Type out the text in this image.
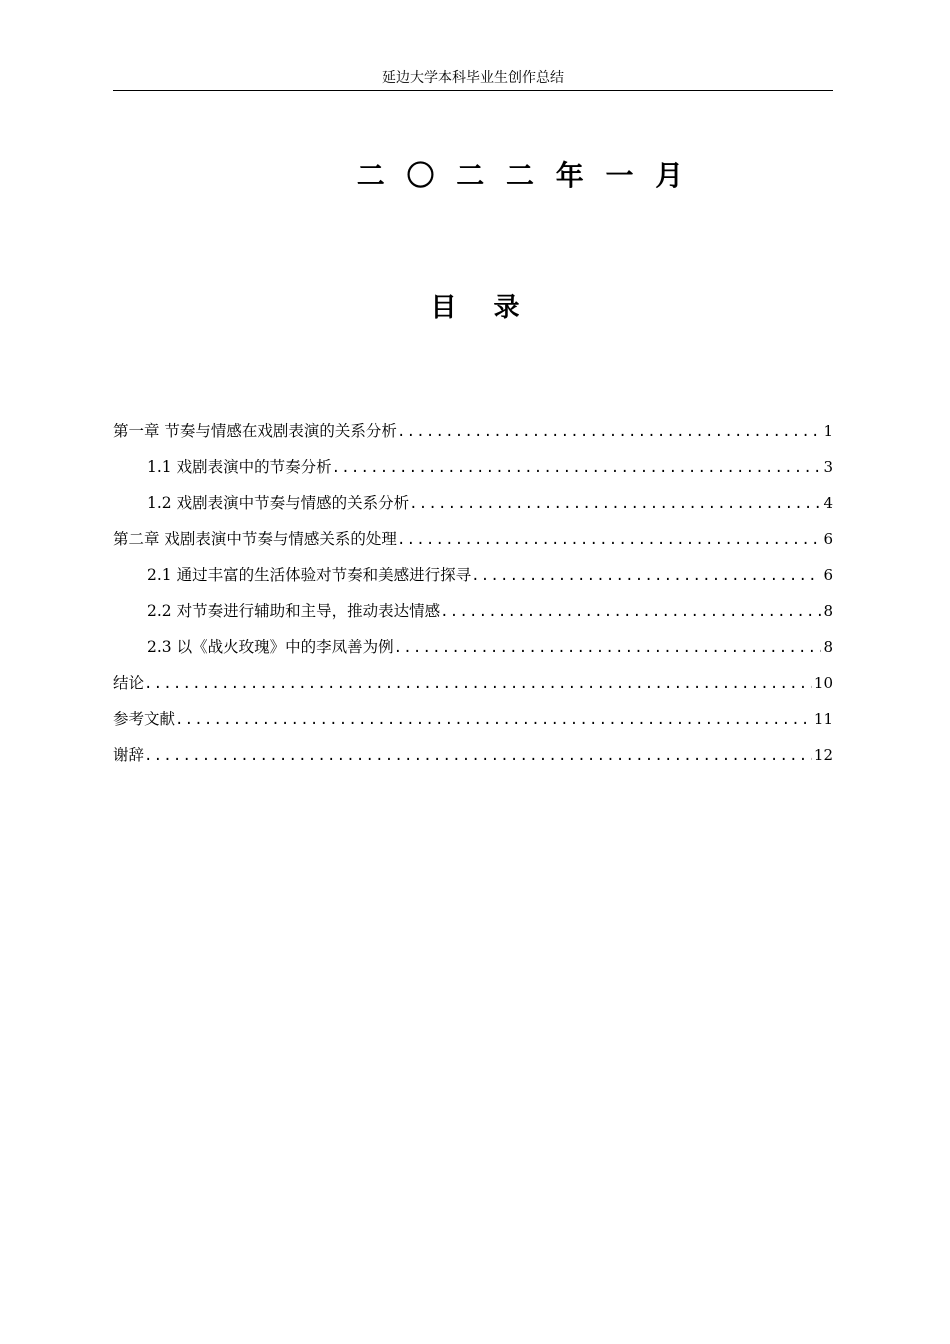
延边大学本科毕业生创作总结
二 〇 二 二 年 一 月
目 录
第一章 节奏与情感在戏剧表演的关系分析 .....	1
1.1 戏剧表演中的节奏分析 .....	3
1.2 戏剧表演中节奏与情感的关系分析 .....	4
第二章 戏剧表演中节奏与情感关系的处理 .....	6
2.1 通过丰富的生活体验对节奏和美感进行探寻 .....	6
2.2 对节奏进行辅助和主导，推动表达情感 .....	8
2.3 以《战火玫瑰》中的李凤善为例 .....	8
结论 .....	10
参考文献 .....	11
谢辞 .....	12
